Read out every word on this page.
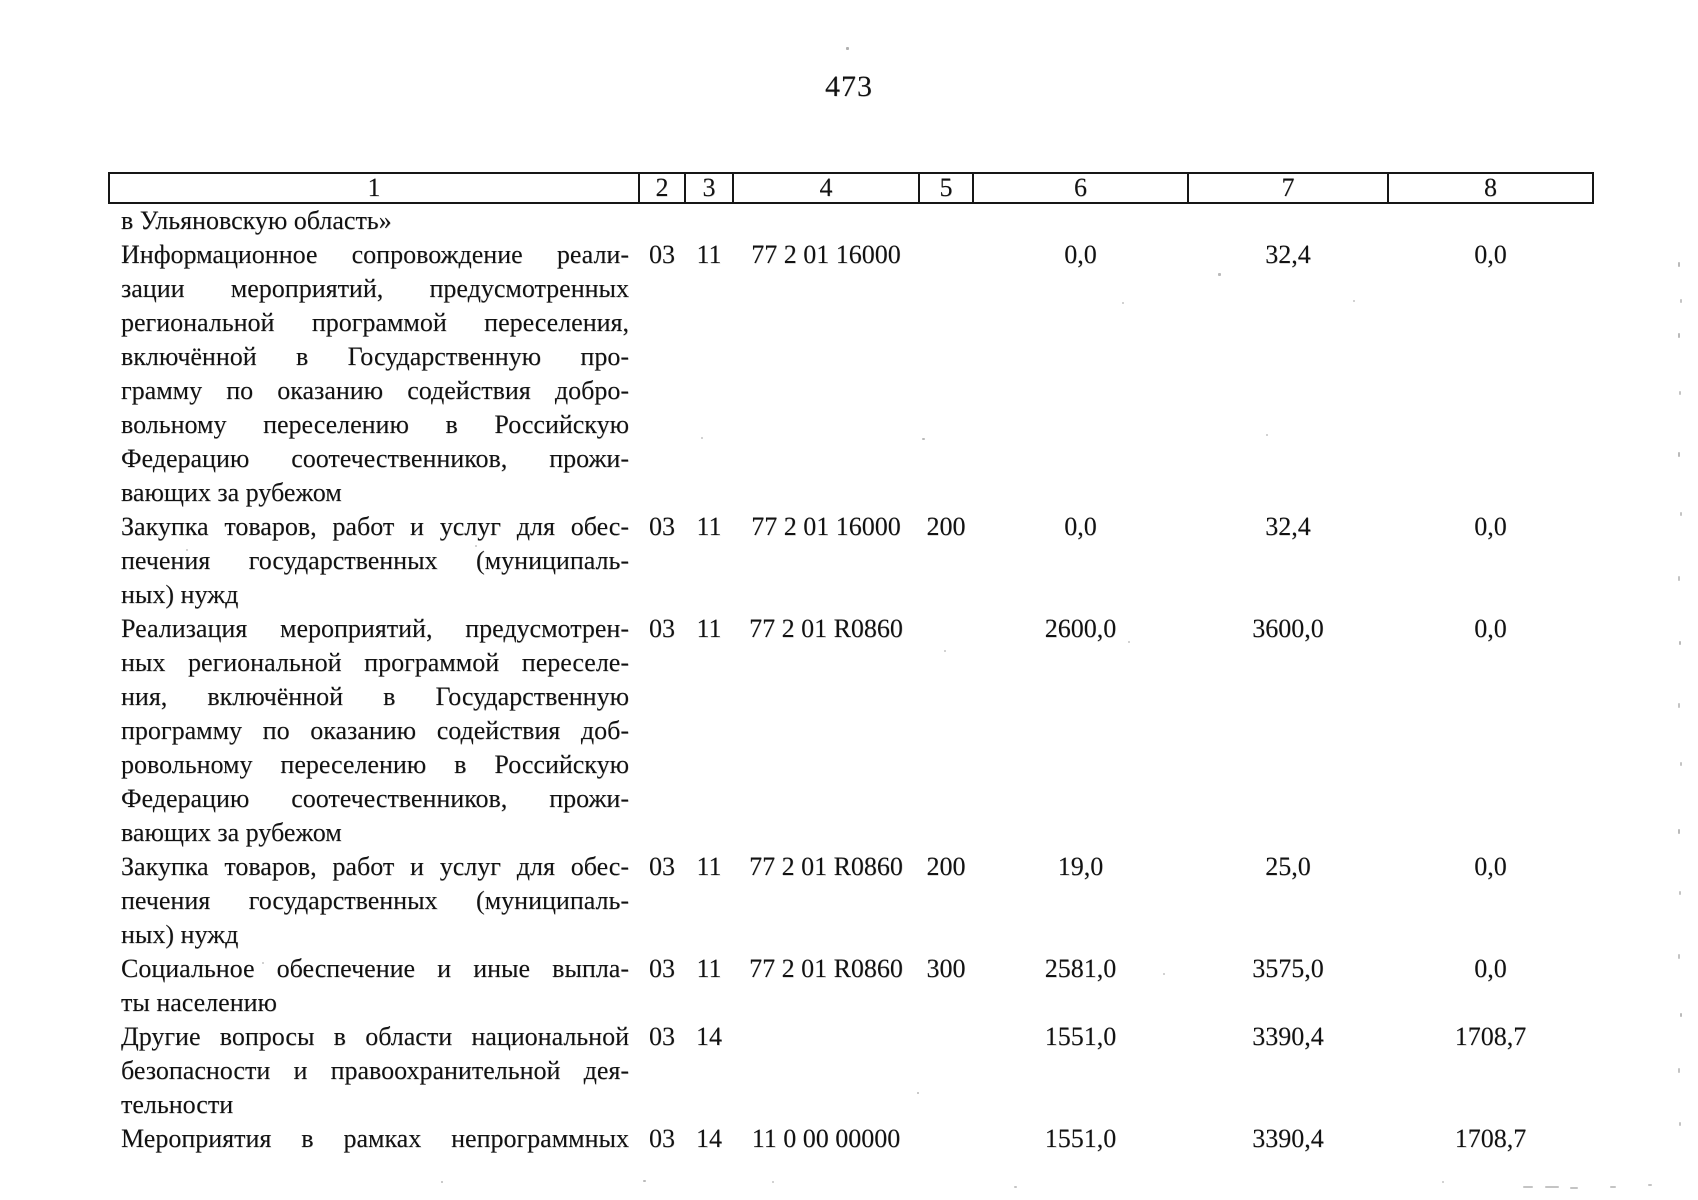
473
1	2	3	4	5	6	7	8

в Ульяновскую область»							

Информационное сопровождение реали-
зации мероприятий, предусмотренных
региональной программой переселения,
включённой в Государственную про-
грамму по оказанию содействия добро-
вольному переселению в Российскую
Федерацию соотечественников, прожи-
вающих за рубежом
	03	11	77 2 01 16000		0,0	32,4	0,0

Закупка товаров, работ и услуг для обес-
печения государственных (муниципаль-
ных) нужд	03	11	77 2 01 16000	200	0,0	32,4	0,0

Реализация мероприятий, предусмотрен-
ных региональной программой переселе-
ния, включённой в Государственную
программу по оказанию содействия доб-
ровольному переселению в Российскую
Федерацию соотечественников, прожи-
вающих за рубежом
	03	11	77 2 01 R0860		2600,0	3600,0	0,0

Закупка товаров, работ и услуг для обес-
печения государственных (муниципаль-
ных) нужд	03	11	77 2 01 R0860	200	19,0	25,0	0,0

Социальное обеспечение и иные выпла-
ты населению	03	11	77 2 01 R0860	300	2581,0	3575,0	0,0

Другие вопросы в области национальной
безопасности и правоохранительной дея-
тельности	03	14			1551,0	3390,4	1708,7

Мероприятия в рамках непрограммных	03	14	11 0 00 00000		1551,0	3390,4	1708,7
